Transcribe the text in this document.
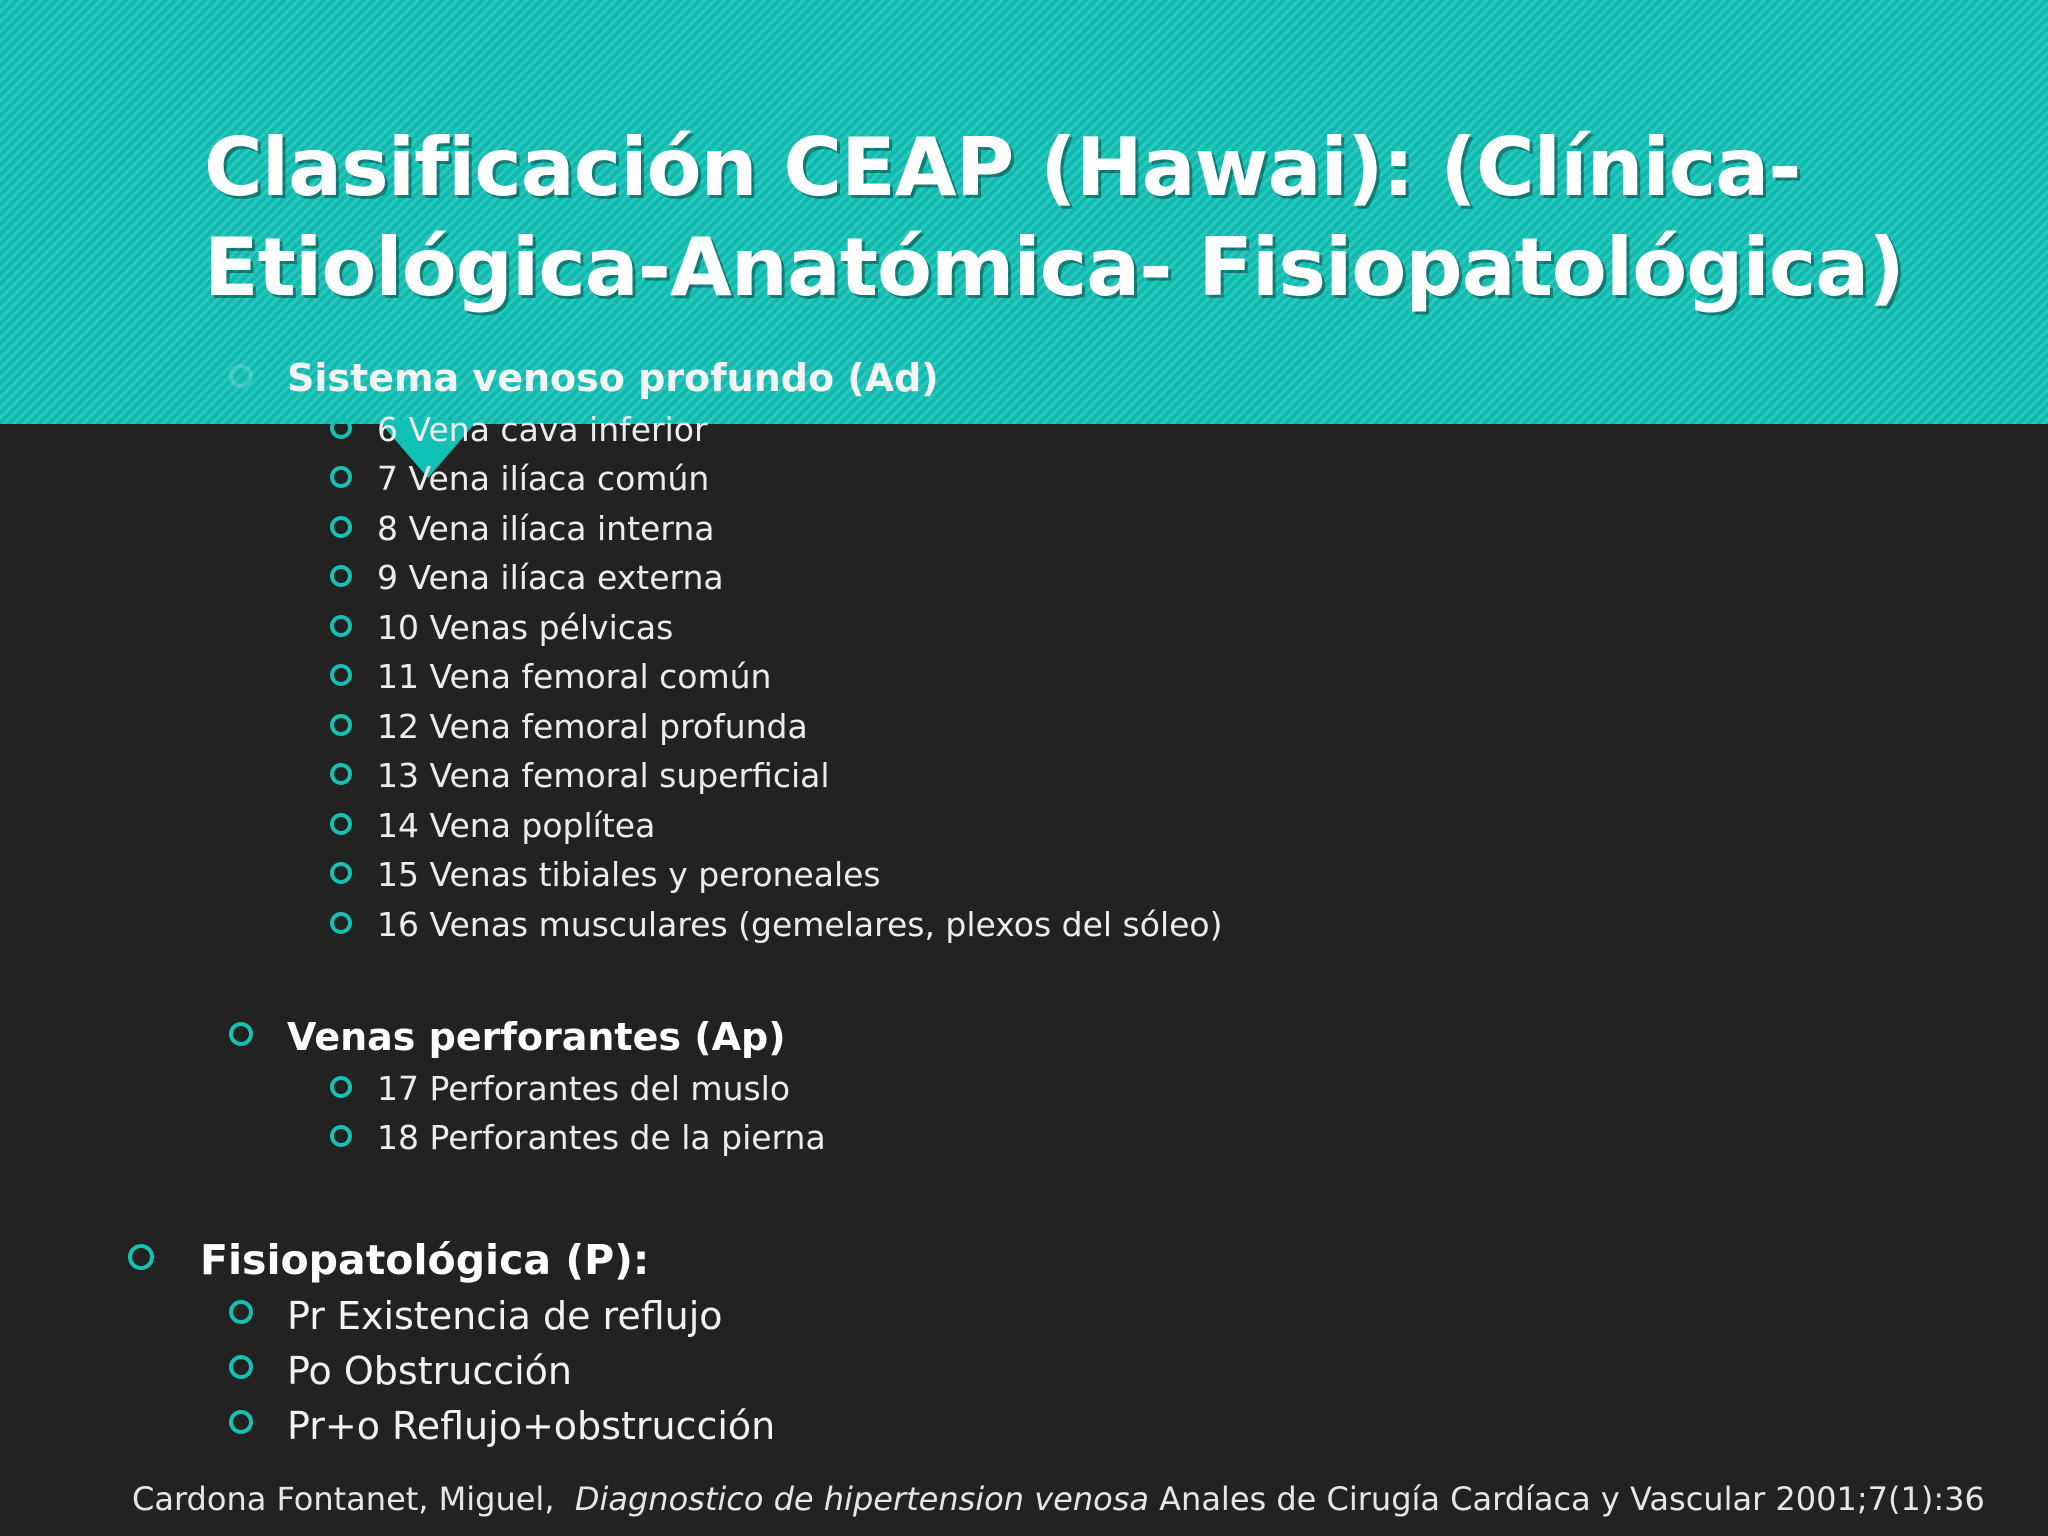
Clasificación CEAP (Hawai): (Clínica-
Etiológica-Anatómica- Fisiopatológica)
Sistema venoso profundo (Ad)
6 Vena cava inferior
7 Vena ilíaca común
8 Vena ilíaca interna
9 Vena ilíaca externa
10 Venas pélvicas
11 Vena femoral común
12 Vena femoral profunda
13 Vena femoral superficial
14 Vena poplítea
15 Venas tibiales y peroneales
16 Venas musculares (gemelares, plexos del sóleo)
Venas perforantes (Ap)
17 Perforantes del muslo
18 Perforantes de la pierna
Fisiopatológica (P):
Pr Existencia de reflujo
Po Obstrucción
Pr+o Reflujo+obstrucción
Cardona Fontanet, Miguel, Diagnostico de hipertension venosa Anales de Cirugía Cardíaca y Vascular 2001;7(1):36
